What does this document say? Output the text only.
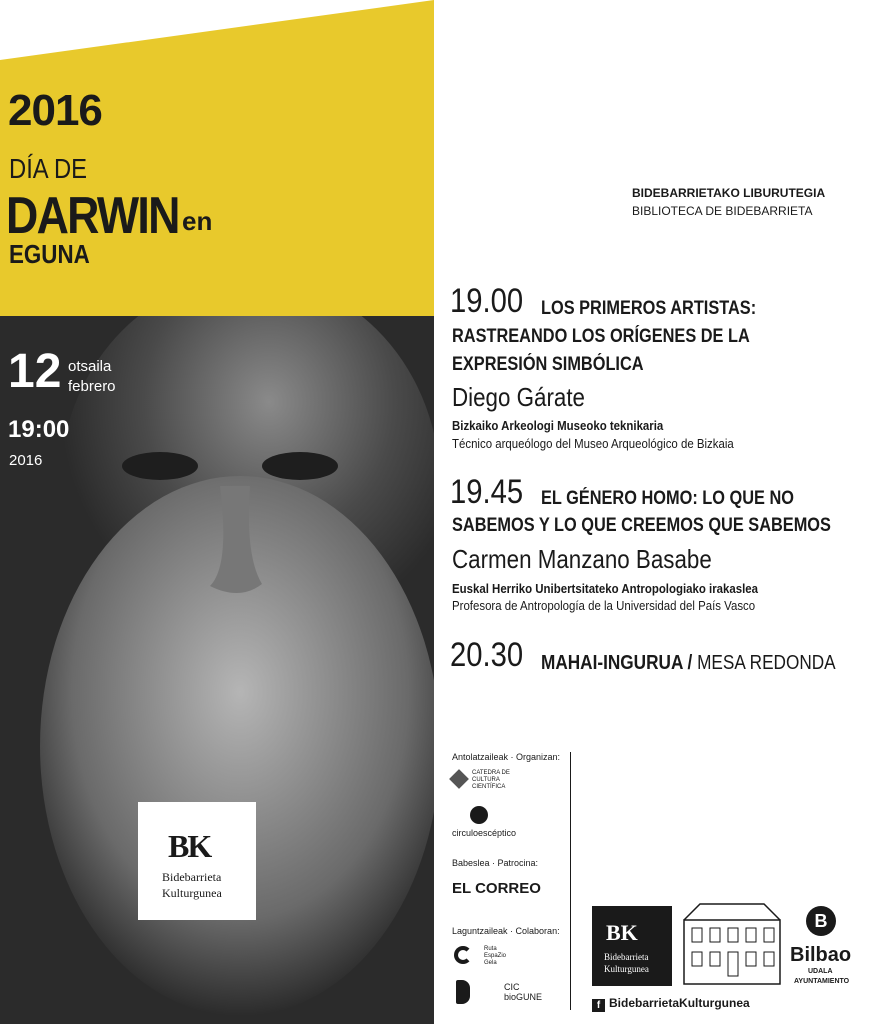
2016
DÍA DE
DARWIN en
EGUNA
12 otsaila
febrero
19:00
2016
BK
Bidebarrieta
Kulturgunea
BIDEBARRIETAKO LIBURUTEGIA
BIBLIOTECA DE BIDEBARRIETA
19.00 LOS PRIMEROS ARTISTAS:
RASTREANDO LOS ORÍGENES DE LA
EXPRESIÓN SIMBÓLICA
Diego Gárate
Bizkaiko Arkeologi Museoko teknikaria
Técnico arqueólogo del Museo Arqueológico de Bizkaia
19.45 EL GÉNERO HOMO: LO QUE NO
SABEMOS Y LO QUE CREEMOS QUE SABEMOS
Carmen Manzano Basabe
Euskal Herriko Unibertsitateko Antropologiako irakaslea
Profesora de Antropología de la Universidad del País Vasco
20.30 MAHAI-INGURUA / MESA REDONDA
Antolatzaileak · Organizan:
CATEDRA DE CULTURA CIENTÍFICA
circuloescéptico
Babeslea · Patrocina:
EL CORREO
Laguntzaileak · Colaboran:
Ruta EspaZio Gela
CIC bioGUNE
BK
Bidebarrieta
Kulturgunea
B
Bilbao
UDALA
AYUNTAMIENTO
f BidebarrietaKulturgunea
